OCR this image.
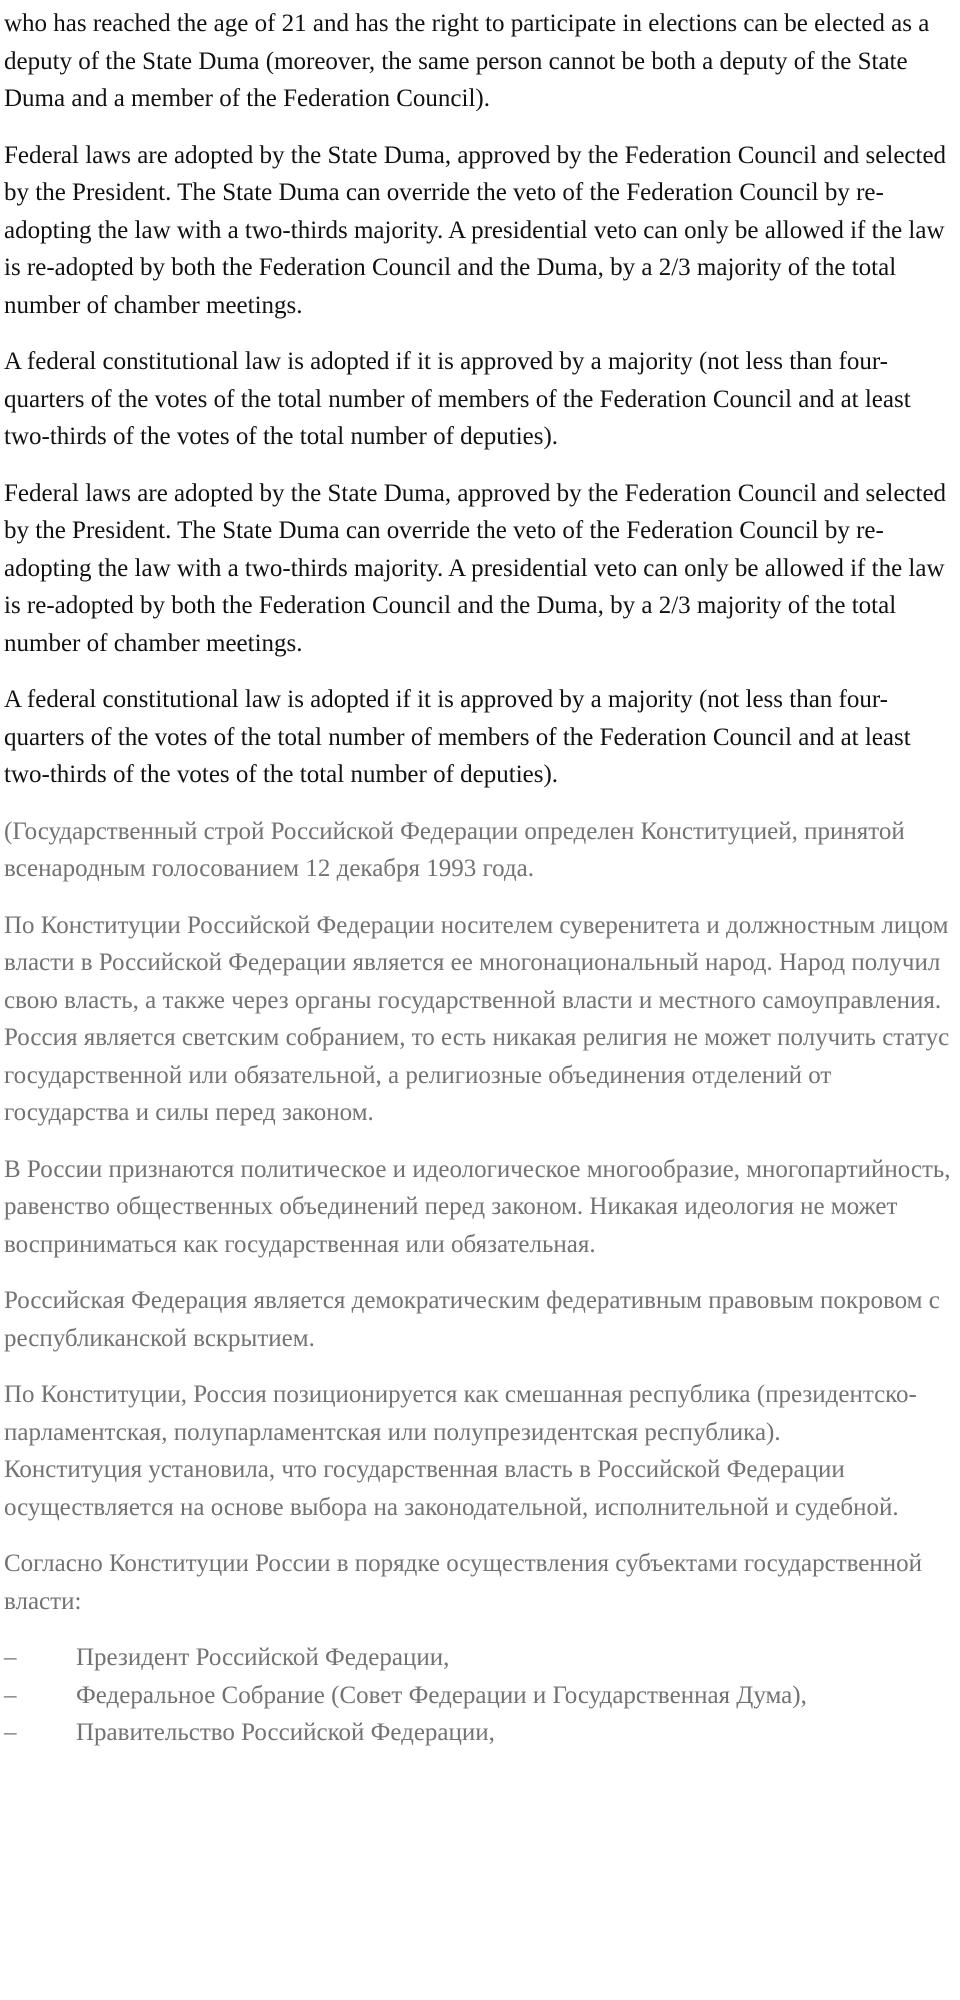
who has reached the age of 21 and has the right to participate in elections can be elected as a deputy of the State Duma (moreover, the same person cannot be both a deputy of the State Duma and a member of the Federation Council).

Federal laws are adopted by the State Duma, approved by the Federation Council and selected by the President. The State Duma can override the veto of the Federation Council by re-adopting the law with a two-thirds majority. A presidential veto can only be allowed if the law is re-adopted by both the Federation Council and the Duma, by a 2/3 majority of the total number of chamber meetings.

A federal constitutional law is adopted if it is approved by a majority (not less than four-quarters of the votes of the total number of members of the Federation Council and at least two-thirds of the votes of the total number of deputies).

Federal laws are adopted by the State Duma, approved by the Federation Council and selected by the President. The State Duma can override the veto of the Federation Council by re-adopting the law with a two-thirds majority. A presidential veto can only be allowed if the law is re-adopted by both the Federation Council and the Duma, by a 2/3 majority of the total number of chamber meetings.

A federal constitutional law is adopted if it is approved by a majority (not less than four-quarters of the votes of the total number of members of the Federation Council and at least two-thirds of the votes of the total number of deputies).

(Государственный строй Российской Федерации определен Конституцией, принятой всенародным голосованием 12 декабря 1993 года.

По Конституции Российской Федерации носителем суверенитета и должностным лицом власти в Российской Федерации является ее многонациональный народ. Народ получил свою власть, а также через органы государственной власти и местного самоуправления. Россия является светским собранием, то есть никакая религия не может получить статус государственной или обязательной, а религиозные объединения отделений от государства и силы перед законом.

В России признаются политическое и идеологическое многообразие, многопартийность, равенство общественных объединений перед законом. Никакая идеология не может восприниматься как государственная или обязательная.

Российская Федерация является демократическим федеративным правовым покровом с республиканской вскрытием.

По Конституции, Россия позиционируется как смешанная республика (президентско-парламентская, полупарламентская или полупрезидентская республика).
Конституция установила, что государственная власть в Российской Федерации осуществляется на основе выбора на законодательной, исполнительной и судебной.

Согласно Конституции России в порядке осуществления субъектами государственной власти:

–	Президент Российской Федерации,
–	Федеральное Собрание (Совет Федерации и Государственная Дума),
–	Правительство Российской Федерации,
